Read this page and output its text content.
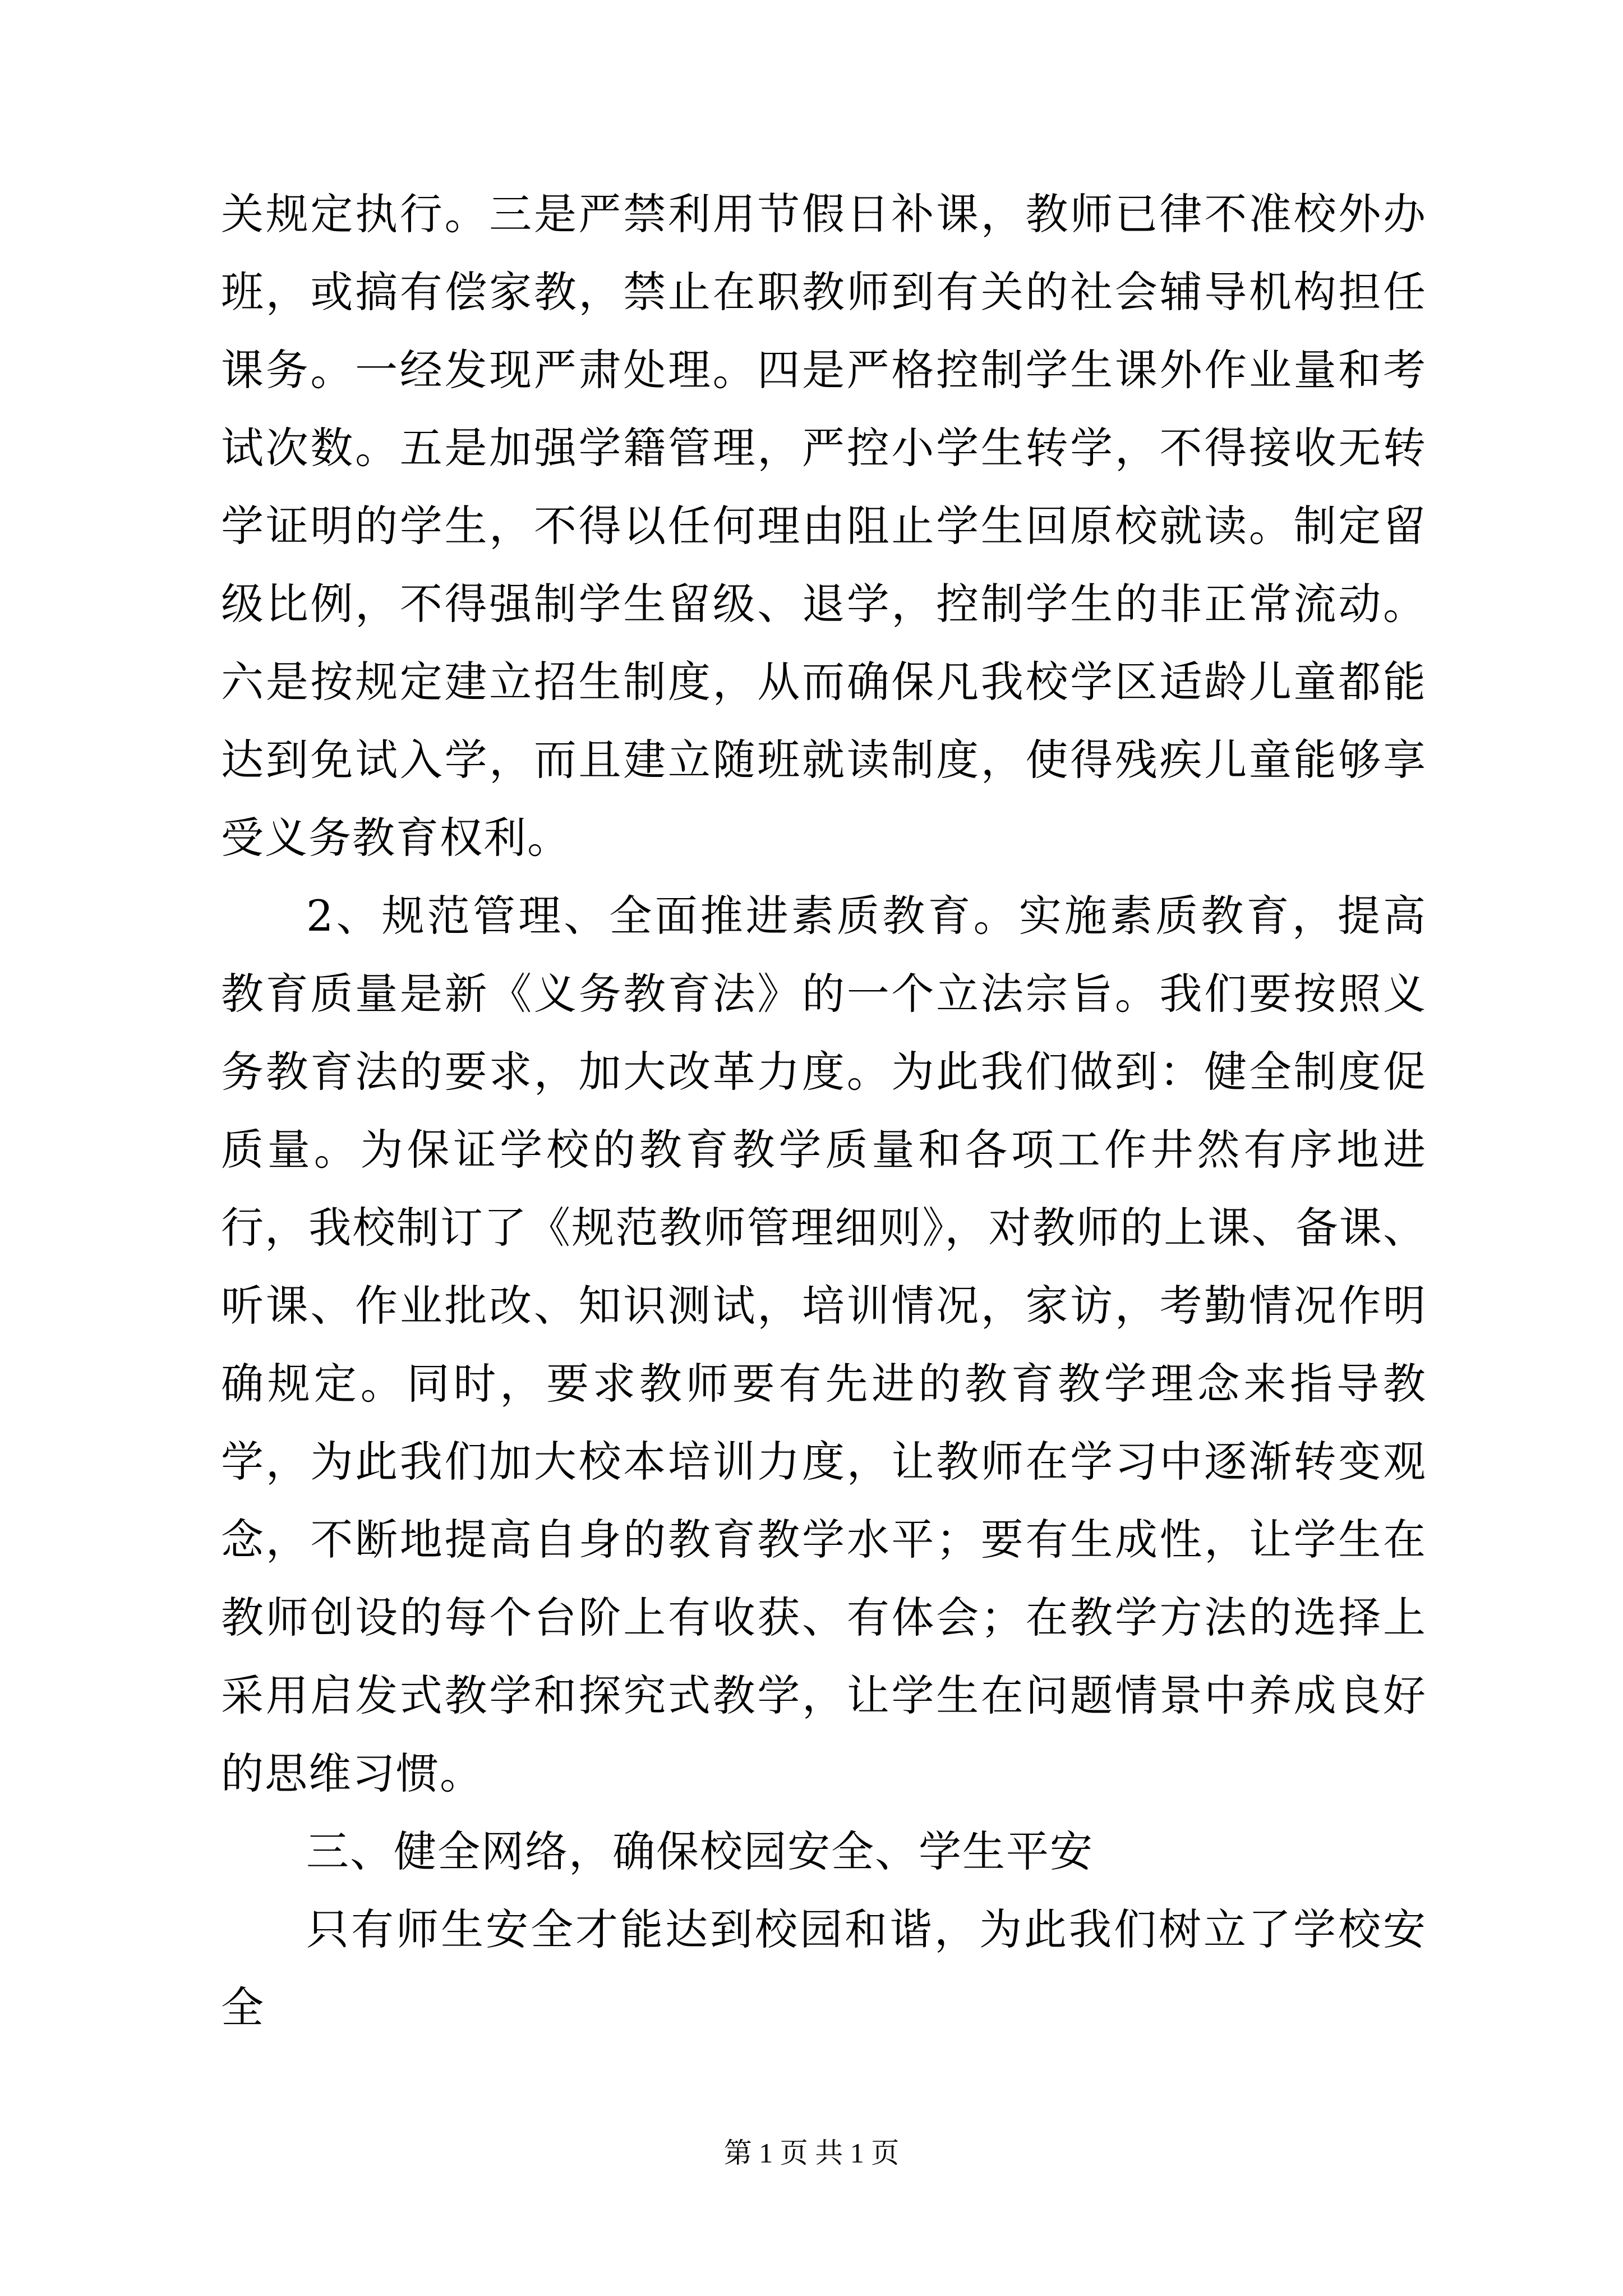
关规定执行。三是严禁利用节假日补课，教师已律不准校外办班，或搞有偿家教，禁止在职教师到有关的社会辅导机构担任课务。一经发现严肃处理。四是严格控制学生课外作业量和考试次数。五是加强学籍管理，严控小学生转学，不得接收无转学证明的学生，不得以任何理由阻止学生回原校就读。制定留级比例，不得强制学生留级、退学，控制学生的非正常流动。六是按规定建立招生制度，从而确保凡我校学区适龄儿童都能达到免试入学，而且建立随班就读制度，使得残疾儿童能够享受义务教育权利。

2、规范管理、全面推进素质教育。实施素质教育，提高教育质量是新《义务教育法》的一个立法宗旨。我们要按照义务教育法的要求，加大改革力度。为此我们做到：健全制度促质量。为保证学校的教育教学质量和各项工作井然有序地进行，我校制订了《规范教师管理细则》，对教师的上课、备课、听课、作业批改、知识测试，培训情况，家访，考勤情况作明确规定。同时，要求教师要有先进的教育教学理念来指导教学，为此我们加大校本培训力度，让教师在学习中逐渐转变观念，不断地提高自身的教育教学水平；要有生成性，让学生在教师创设的每个台阶上有收获、有体会；在教学方法的选择上采用启发式教学和探究式教学，让学生在问题情景中养成良好的思维习惯。

三、健全网络，确保校园安全、学生平安

只有师生安全才能达到校园和谐，为此我们树立了学校安全

第 1 页 共 1 页
